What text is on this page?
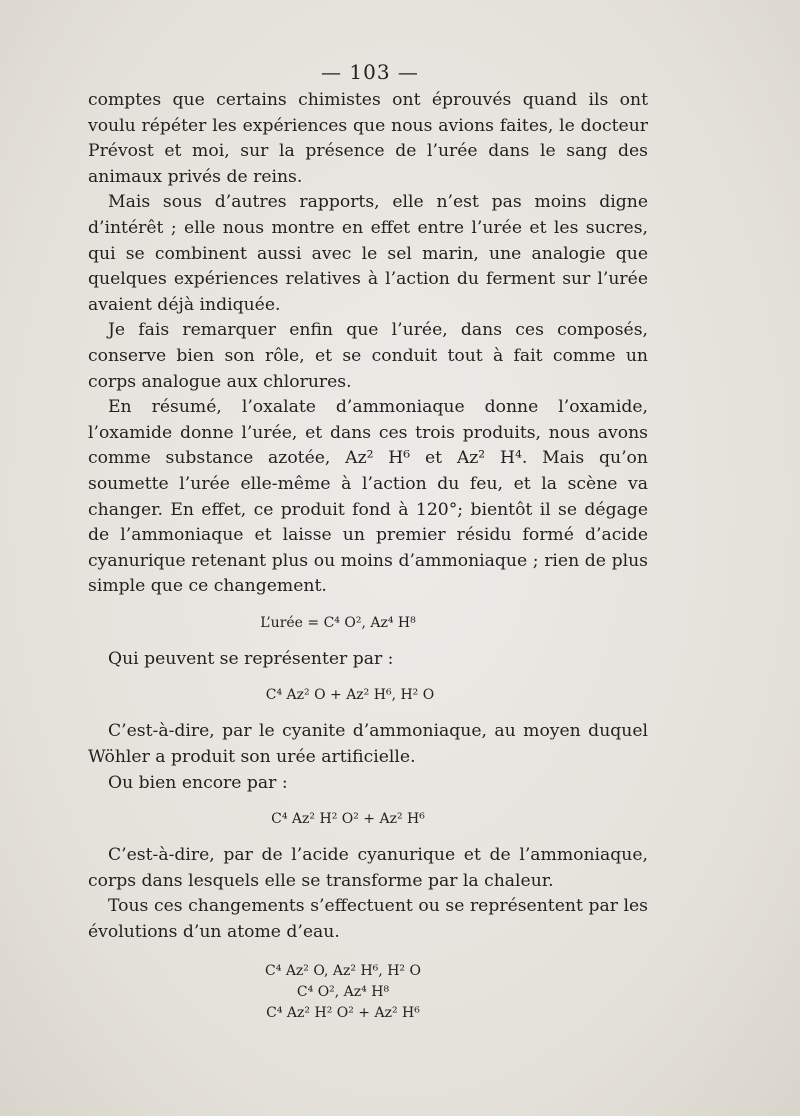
— 103 —

comptes que certains chimistes ont éprouvés quand ils ont voulu répéter les expériences que nous avions faites, le docteur Prévost et moi, sur la présence de l’urée dans le sang des animaux privés de reins.

Mais sous d’autres rapports, elle n’est pas moins digne d’intérêt ; elle nous montre en effet entre l’urée et les sucres, qui se combinent aussi avec le sel marin, une analogie que quelques expériences relatives à l’action du ferment sur l’urée avaient déjà indiquée.

Je fais remarquer enfin que l’urée, dans ces composés, conserve bien son rôle, et se conduit tout à fait comme un corps analogue aux chlorures.

En résumé, l’oxalate d’ammoniaque donne l’oxamide, l’oxamide donne l’urée, et dans ces trois produits, nous avons comme substance azotée, Az² H⁶ et Az² H⁴. Mais qu’on soumette l’urée elle-même à l’action du feu, et la scène va changer. En effet, ce produit fond à 120°; bientôt il se dégage de l’ammoniaque et laisse un premier résidu formé d’acide cyanurique retenant plus ou moins d’ammoniaque ; rien de plus simple que ce changement.

L’urée = C⁴ O², Az⁴ H⁸

Qui peuvent se représenter par :

C⁴ Az² O + Az² H⁶, H² O

C’est-à-dire, par le cyanite d’ammoniaque, au moyen duquel Wöhler a produit son urée artificielle.

Ou bien encore par :

C⁴ Az² H² O² + Az² H⁶

C’est-à-dire, par de l’acide cyanurique et de l’ammoniaque, corps dans lesquels elle se transforme par la chaleur.

Tous ces changements s’effectuent ou se représentent par les évolutions d’un atome d’eau.

C⁴ Az² O, Az² H⁶, H² O
C⁴ O², Az⁴ H⁸
C⁴ Az² H² O² + Az² H⁶
